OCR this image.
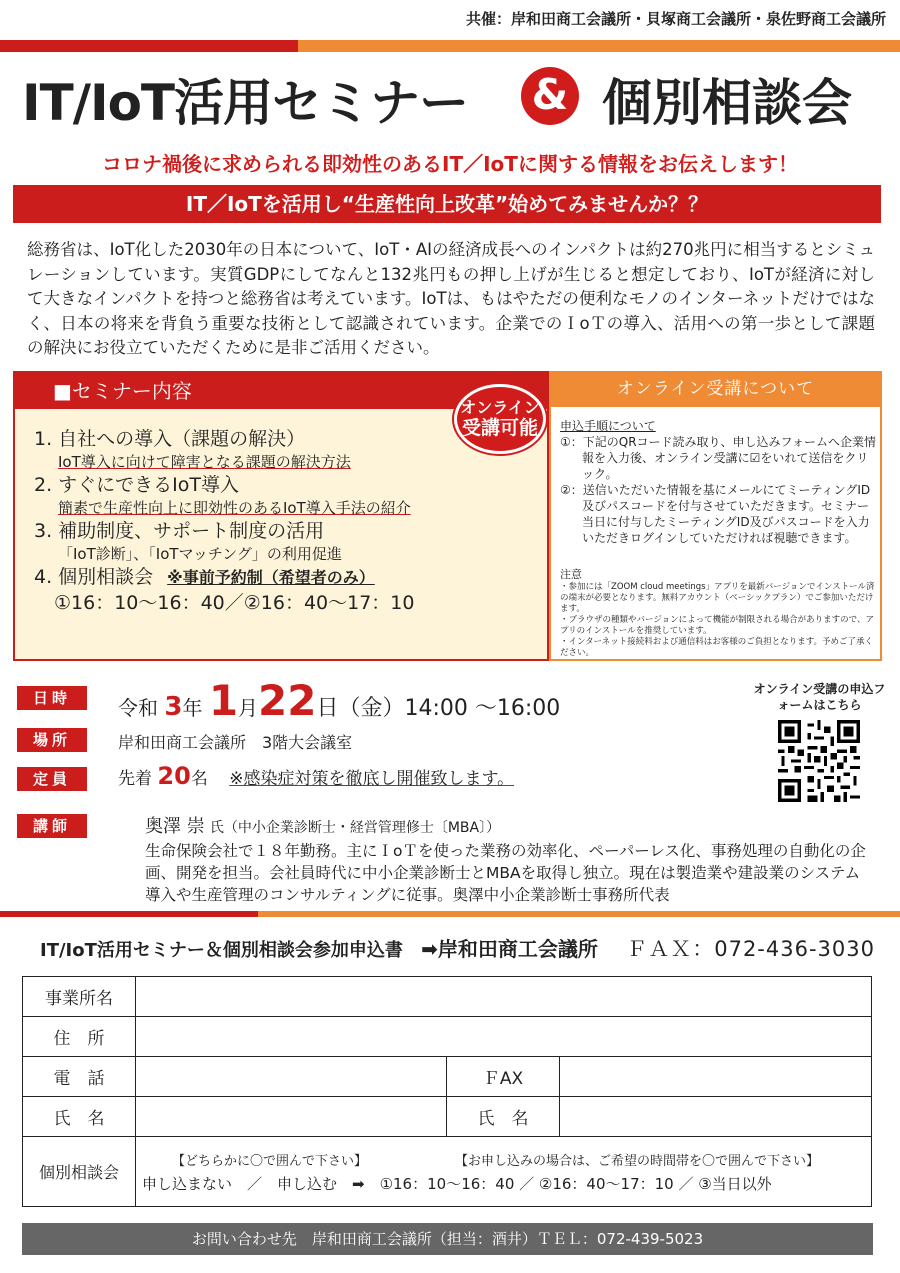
共催：岸和田商工会議所・貝塚商工会議所・泉佐野商工会議所
IT/IoT活用セミナー & 個別相談会
コロナ禍後に求められる即効性のあるIT／IoTに関する情報をお伝えします！
IT／IoTを活用し“生産性向上改革”始めてみませんか？？
総務省は、IoT化した2030年の日本について、IoT・AIの経済成長へのインパクトは約270兆円に相当するとシミュレーションしています。実質GDPにしてなんと132兆円もの押し上げが生じると想定しており、IoTが経済に対して大きなインパクトを持つと総務省は考えています。IoTは、もはやただの便利なモノのインターネットだけではなく、日本の将来を背負う重要な技術として認識されています。企業でのＩoＴの導入、活用への第一歩として課題の解決にお役立ていただくために是非ご活用ください。
■セミナー内容
オンライン
受講可能
1. 自社への導入（課題の解決）
IoT導入に向けて障害となる課題の解決方法
2. すぐにできるIoT導入
簡素で生産性向上に即効性のあるIoT導入手法の紹介
3. 補助制度、サポート制度の活用
「IoT診断」、「IoTマッチング」の利用促進
4. 個別相談会 ※事前予約制（希望者のみ）
①16：10～16：40／②16：40～17：10
オンライン受講について
申込手順について
①：下記のQRコード読み取り、申し込みフォームへ企業情報を入力後、オンライン受講に☑をいれて送信をクリック。
②：送信いただいた情報を基にメールにてミーティングID及びパスコードを付与させていただきます。セミナー当日に付与したミーティングID及びパスコードを入力いただきログインしていただければ視聴できます。
注意
・参加には「ZOOM cloud meetings」アプリを最新バージョンでインストール済の端末が必要となります。無料アカウント（ベーシックプラン）でご参加いただけます。
・ブラウザの種類やバージョンによって機能が制限される場合がありますので、アプリのインストールを推奨しています。
・インターネット接続料および通信料はお客様のご負担となります。予めご了承ください。
日時	令和 3年 1月22日（金）14:00 ～16:00
場所	岸和田商工会議所　3階大会議室
定員	先着 20名 ※感染症対策を徹底し開催致します。
講師	奥澤 崇 氏（中小企業診断士・経営管理修士〔MBA〕）
生命保険会社で１８年勤務。主にＩoＴを使った業務の効率化、ペーパーレス化、事務処理の自動化の企画、開発を担当。会社員時代に中小企業診断士とMBAを取得し独立。現在は製造業や建設業のシステム導入や生産管理のコンサルティングに従事。奥澤中小企業診断士事務所代表
オンライン受講の申込フォームはこちら
IT/IoT活用セミナー＆個別相談会参加申込書 ➡岸和田商工会議所 ＦＡＸ：072-436-3030
事業所名			
住　所			
電　話		ＦAX	
氏　名		氏　名	
個別相談会	【どちらかに〇で囲んで下さい】 【お申し込みの場合は、ご希望の時間帯を〇で囲んで下さい】
申し込まない　／　申し込む　➡　①16：10～16：40 ／ ②16：40～17：10 ／ ③当日以外		
お問い合わせ先　岸和田商工会議所（担当：酒井）ＴＥＬ：072-439-5023
